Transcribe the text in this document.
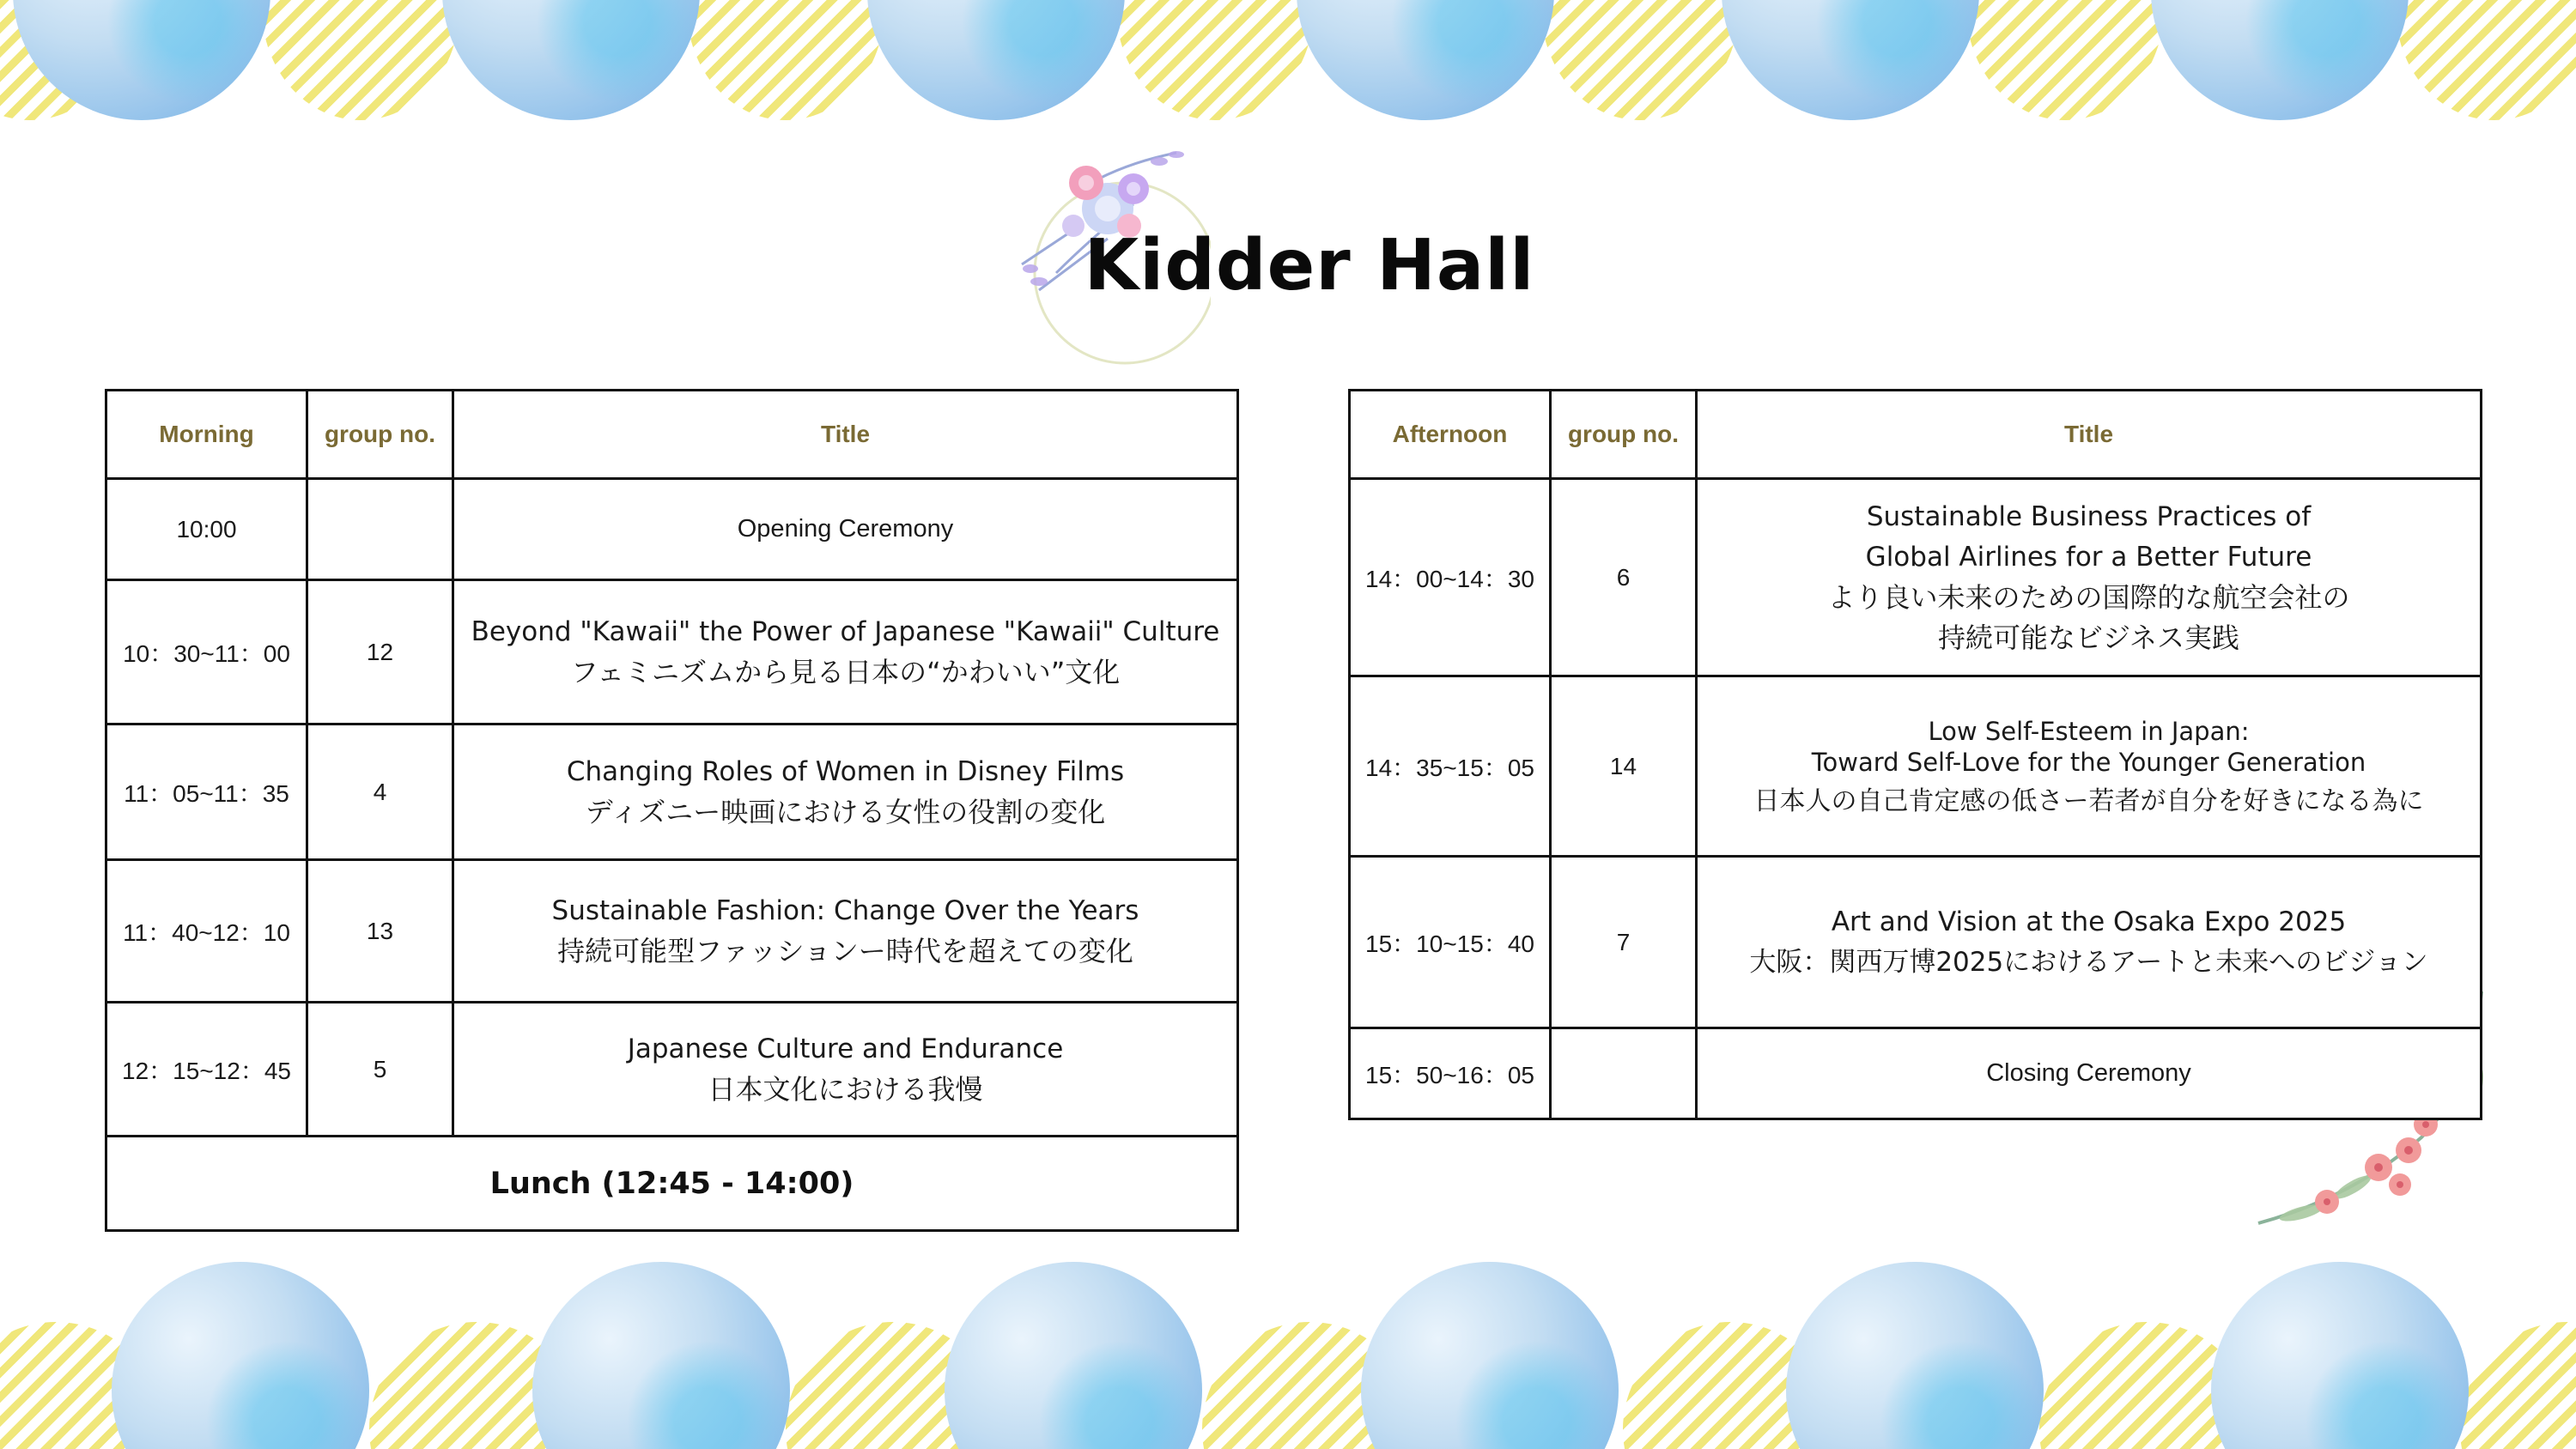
Kidder Hall
Morning	group no.	Title
10:00		Opening Ceremony
10：30~11：00	12	Beyond "Kawaii" the Power of Japanese "Kawaii" Culture
フェミニズムから見る日本の“かわいい”文化

11：05~11：35	4	Changing Roles of Women in Disney Films
ディズニー映画における女性の役割の変化

11：40~12：10	13	Sustainable Fashion: Change Over the Years
持続可能型ファッションー時代を超えての変化

12：15~12：45	5	Japanese Culture and Endurance
日本文化における我慢

Lunch (12:45 - 14:00)		
Afternoon	group no.	Title
14：00~14：30	6	Sustainable Business Practices of
Global Airlines for a Better Future
より良い未来のための国際的な航空会社の
持続可能なビジネス実践

14：35~15：05	14	Low Self-Esteem in Japan:
Toward Self-Love for the Younger Generation
日本人の自己肯定感の低さー若者が自分を好きになる為に

15：10~15：40	7	Art and Vision at the Osaka Expo 2025
大阪：関西万博2025におけるアートと未来へのビジョン

15：50~16：05		Closing Ceremony
